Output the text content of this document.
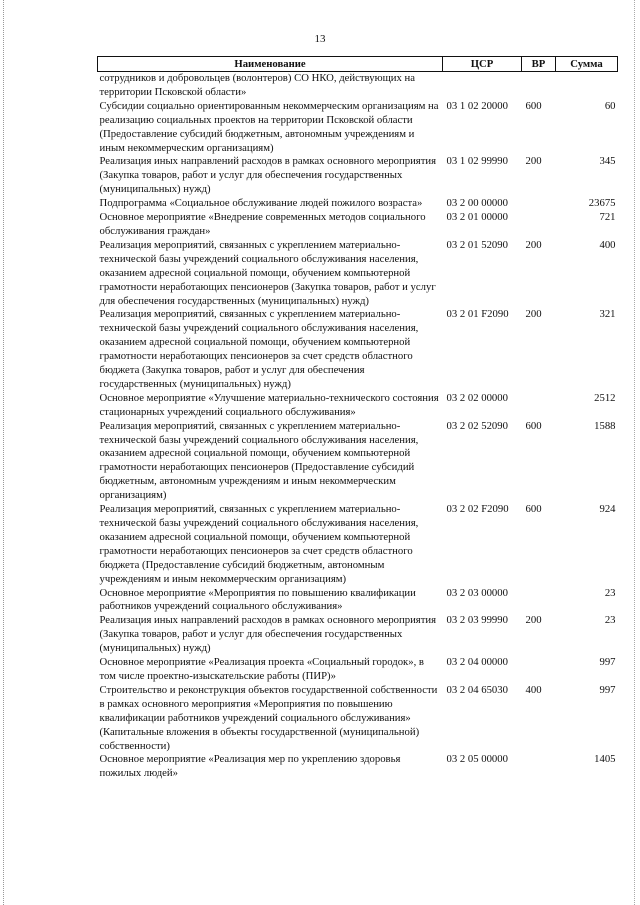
13
Наименование	ЦСР	ВР	Сумма
сотрудников и добровольцев (волонтеров) СО НКО, действующих на территории Псковской области»			
Субсидии социально ориентированным некоммерческим организациям на реализацию социальных проектов на территории Псковской области (Предоставление субсидий бюджетным, автономным учреждениям и иным некоммерческим организациям)	03 1 02 20000	600	60
Реализация иных направлений расходов в рамках основного мероприятия (Закупка товаров, работ и услуг для обеспечения государственных (муниципальных) нужд)	03 1 02 99990	200	345
Подпрограмма «Социальное обслуживание людей пожилого возраста»	03 2 00 00000		23675
Основное мероприятие «Внедрение современных методов социального обслуживания граждан»	03 2 01 00000		721
Реализация мероприятий, связанных с укреплением материально-технической базы учреждений социального обслуживания населения, оказанием адресной социальной помощи, обучением компьютерной грамотности неработающих пенсионеров (Закупка товаров, работ и услуг для обеспечения государственных (муниципальных) нужд)	03 2 01 52090	200	400
Реализация мероприятий, связанных с укреплением материально-технической базы учреждений социального обслуживания населения, оказанием адресной социальной помощи, обучением компьютерной грамотности неработающих пенсионеров за счет средств областного бюджета (Закупка товаров, работ и услуг для обеспечения государственных (муниципальных) нужд)	03 2 01 F2090	200	321
Основное мероприятие «Улучшение материально-технического состояния стационарных учреждений социального обслуживания»	03 2 02 00000		2512
Реализация мероприятий, связанных с укреплением материально-технической базы учреждений социального обслуживания населения, оказанием адресной социальной помощи, обучением компьютерной грамотности неработающих пенсионеров (Предоставление субсидий бюджетным, автономным учреждениям и иным некоммерческим организациям)	03 2 02 52090	600	1588
Реализация мероприятий, связанных с укреплением материально-технической базы учреждений социального обслуживания населения, оказанием адресной социальной помощи, обучением компьютерной грамотности неработающих пенсионеров за счет средств областного бюджета (Предоставление субсидий бюджетным, автономным учреждениям и иным некоммерческим организациям)	03 2 02 F2090	600	924
Основное мероприятие «Мероприятия по повышению квалификации работников учреждений социального обслуживания»	03 2 03 00000		23
Реализация иных направлений расходов в рамках основного мероприятия (Закупка товаров, работ и услуг для обеспечения государственных (муниципальных) нужд)	03 2 03 99990	200	23
Основное мероприятие «Реализация проекта «Социальный городок», в том числе проектно-изыскательские работы (ПИР)»	03 2 04 00000		997
Строительство и реконструкция объектов государственной собственности в рамках основного мероприятия «Мероприятия по повышению квалификации работников учреждений социального обслуживания» (Капитальные вложения в объекты государственной (муниципальной) собственности)	03 2 04 65030	400	997
Основное мероприятие «Реализация мер по укреплению здоровья пожилых людей»	03 2 05 00000		1405
